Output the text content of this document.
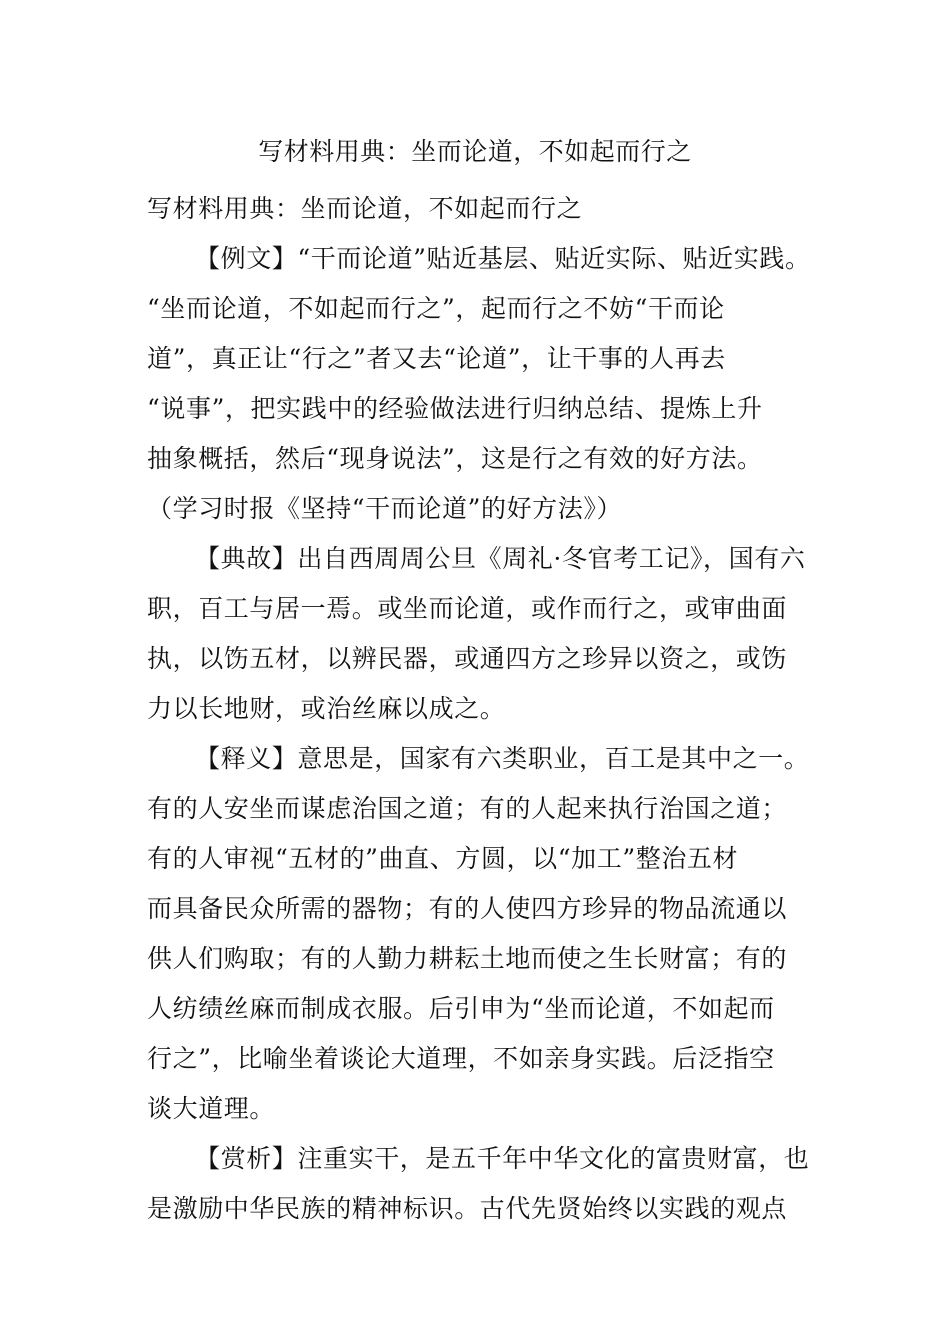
写材料用典：坐而论道，不如起而行之
写材料用典：坐而论道，不如起而行之
【例文】“干而论道”贴近基层、贴近实际、贴近实践。
“坐而论道，不如起而行之”，起而行之不妨“干而论
道”，真正让“行之”者又去“论道”，让干事的人再去
“说事”，把实践中的经验做法进行归纳总结、提炼上升
抽象概括，然后“现身说法”，这是行之有效的好方法。
（学习时报《坚持“干而论道”的好方法》）
【典故】出自西周周公旦《周礼·冬官考工记》，国有六
职，百工与居一焉。或坐而论道，或作而行之，或审曲面
执，以饬五材，以辨民器，或通四方之珍异以资之，或饬
力以长地财，或治丝麻以成之。
【释义】意思是，国家有六类职业，百工是其中之一。
有的人安坐而谋虑治国之道；有的人起来执行治国之道；
有的人审视“五材的”曲直、方圆，以“加工”整治五材
而具备民众所需的器物；有的人使四方珍异的物品流通以
供人们购取；有的人勤力耕耘土地而使之生长财富；有的
人纺绩丝麻而制成衣服。后引申为“坐而论道，不如起而
行之”，比喻坐着谈论大道理，不如亲身实践。后泛指空
谈大道理。
【赏析】注重实干，是五千年中华文化的富贵财富，也
是激励中华民族的精神标识。古代先贤始终以实践的观点
